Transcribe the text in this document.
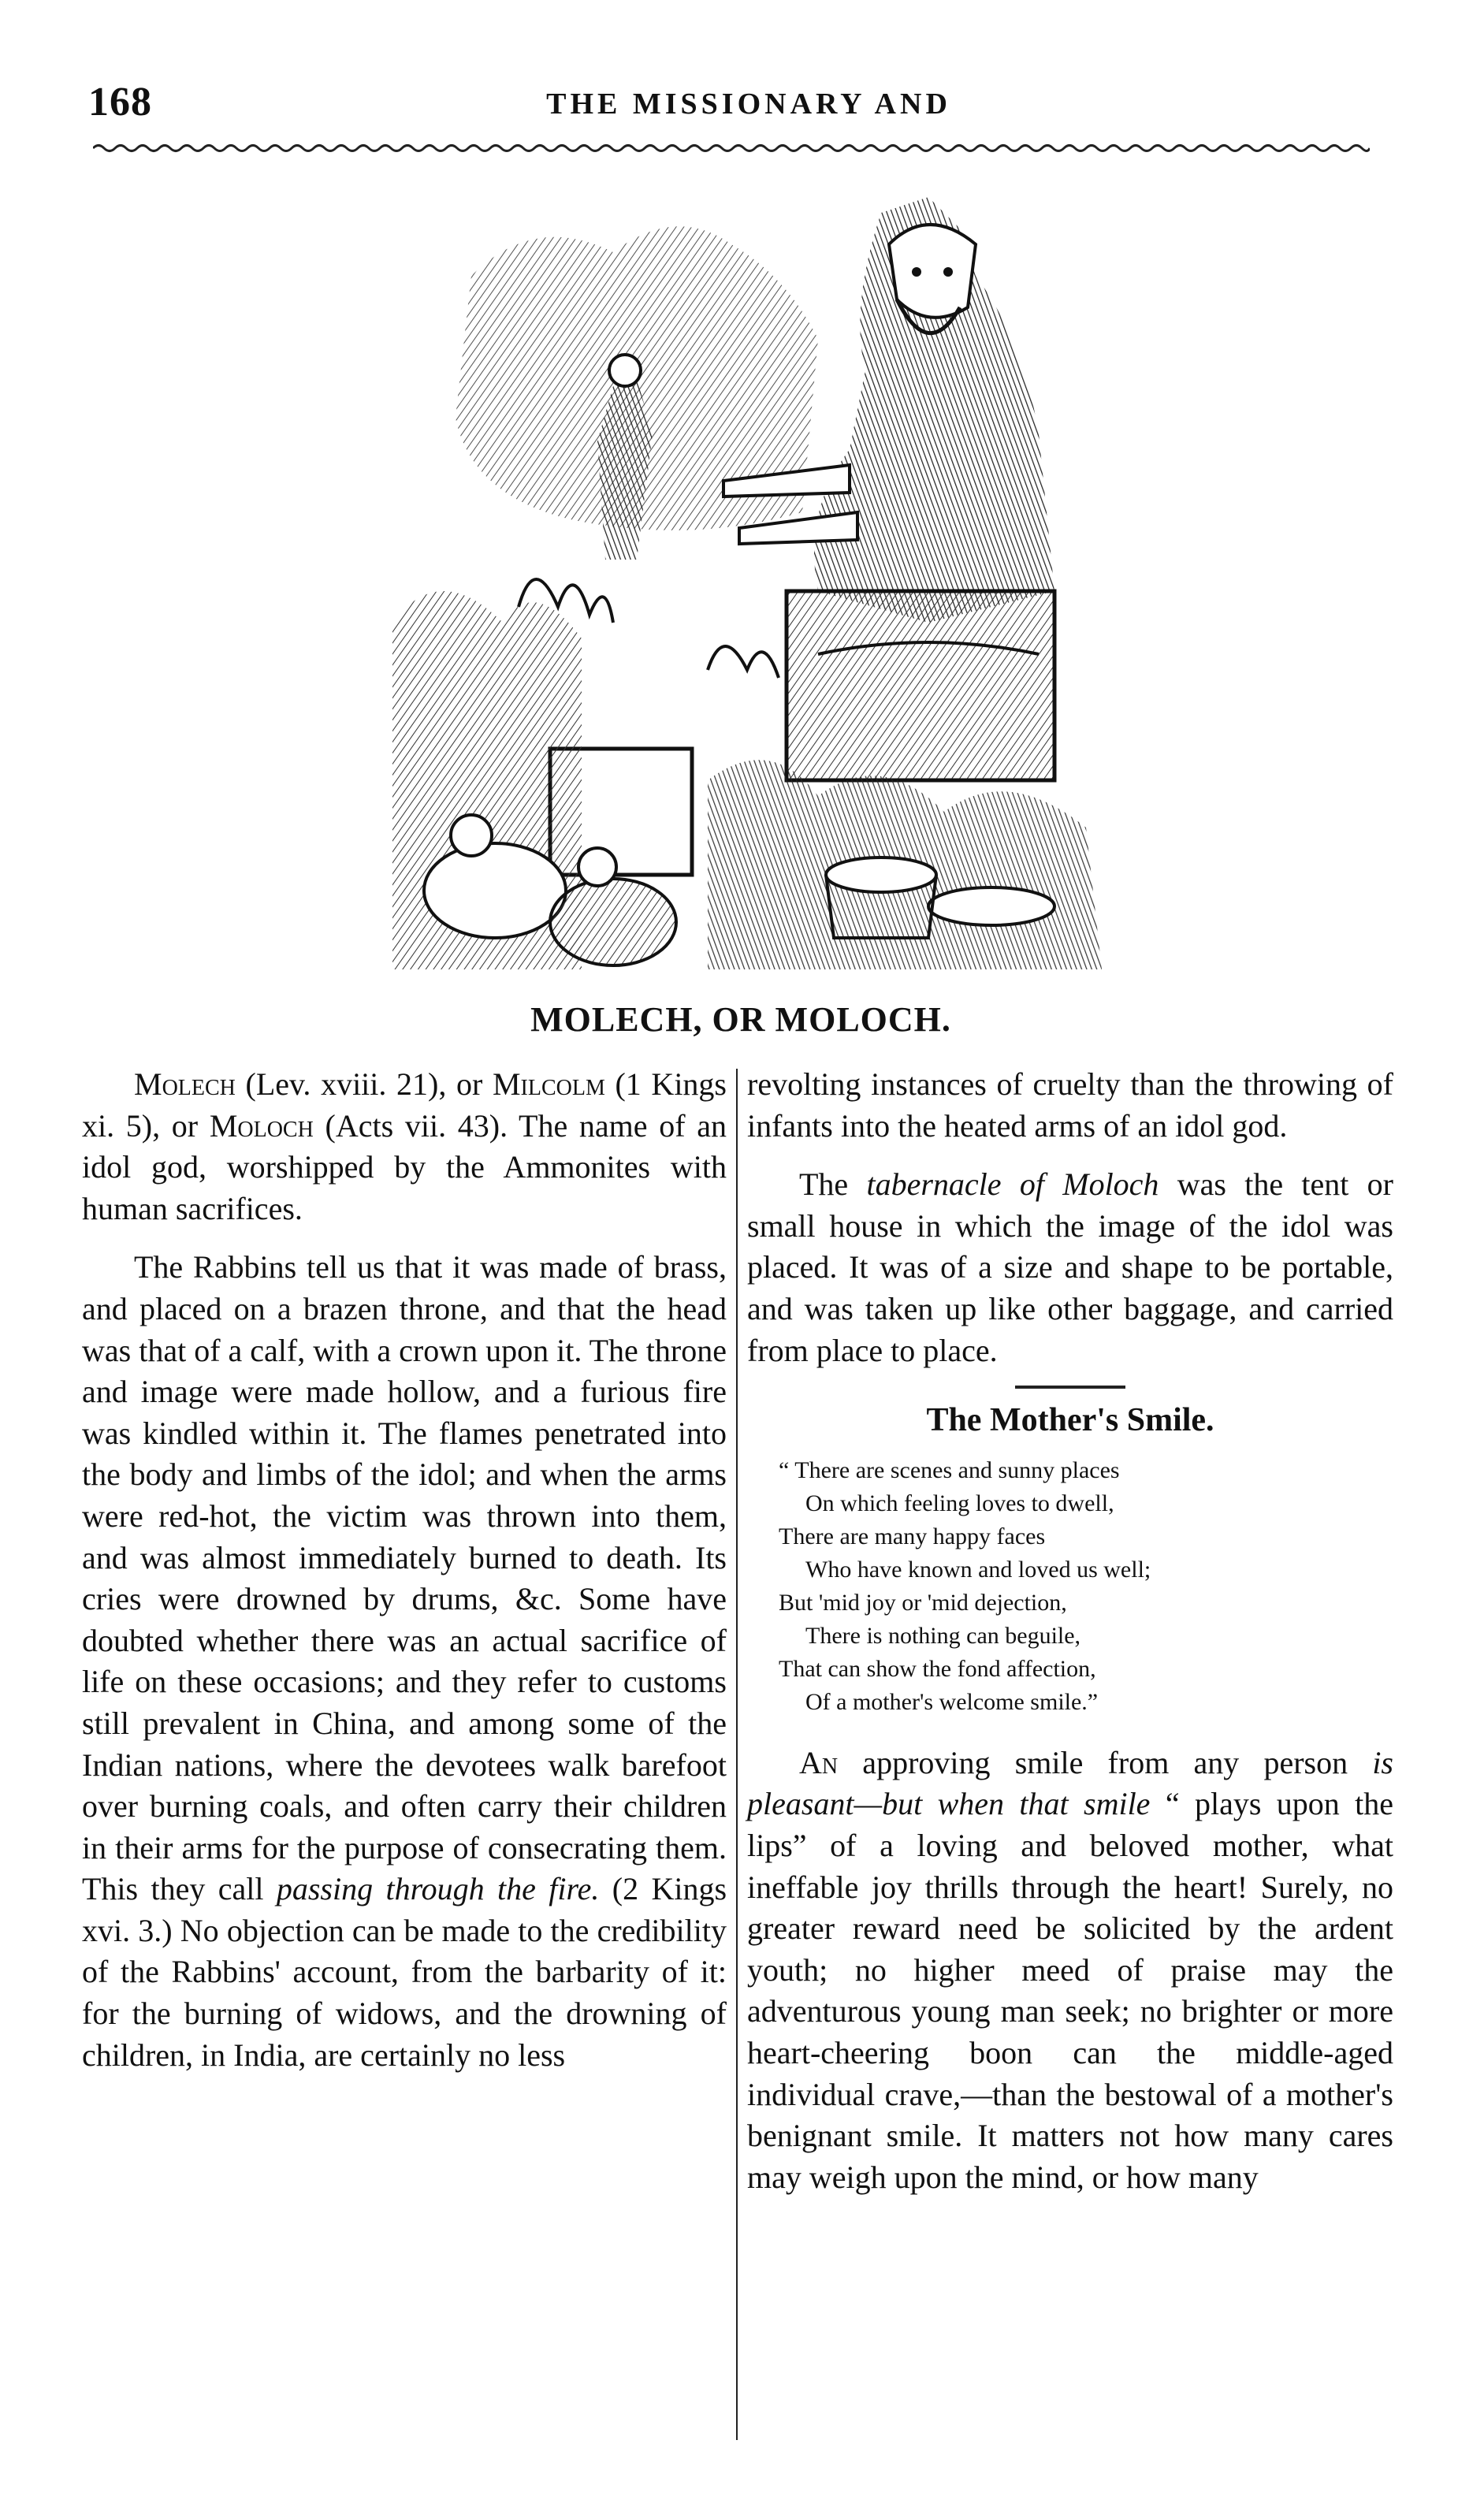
168	THE MISSIONARY AND
MOLECH, OR MOLOCH.

Molech (Lev. xviii. 21), or Milcolm (1 Kings xi. 5), or Moloch (Acts vii. 43). The name of an idol god, worshipped by the Ammonites with human sacrifices.

The Rabbins tell us that it was made of brass, and placed on a brazen throne, and that the head was that of a calf, with a crown upon it. The throne and image were made hollow, and a furious fire was kindled within it. The flames penetrated into the body and limbs of the idol; and when the arms were red-hot, the victim was thrown into them, and was almost immediately burned to death. Its cries were drowned by drums, &c. Some have doubted whether there was an actual sacrifice of life on these occasions; and they refer to customs still prevalent in China, and among some of the Indian nations, where the devotees walk barefoot over burning coals, and often carry their children in their arms for the purpose of consecrating them. This they call passing through the fire. (2 Kings xvi. 3.) No objection can be made to the credibility of the Rabbins' account, from the barbarity of it: for the burning of widows, and the drowning of children, in India, are certainly no less

revolting instances of cruelty than the throwing of infants into the heated arms of an idol god.

The tabernacle of Moloch was the tent or small house in which the image of the idol was placed. It was of a size and shape to be portable, and was taken up like other baggage, and carried from place to place.

The Mother's Smile.
“ There are scenes and sunny places
On which feeling loves to dwell,
There are many happy faces
Who have known and loved us well;
But 'mid joy or 'mid dejection,
There is nothing can beguile,
That can show the fond affection,
Of a mother's welcome smile.”

An approving smile from any person is pleasant—but when that smile “ plays upon the lips” of a loving and beloved mother, what ineffable joy thrills through the heart! Surely, no greater reward need be solicited by the ardent youth; no higher meed of praise may the adventurous young man seek; no brighter or more heart-cheering boon can the middle-aged individual crave,—than the bestowal of a mother's benignant smile. It matters not how many cares may weigh upon the mind, or how many
